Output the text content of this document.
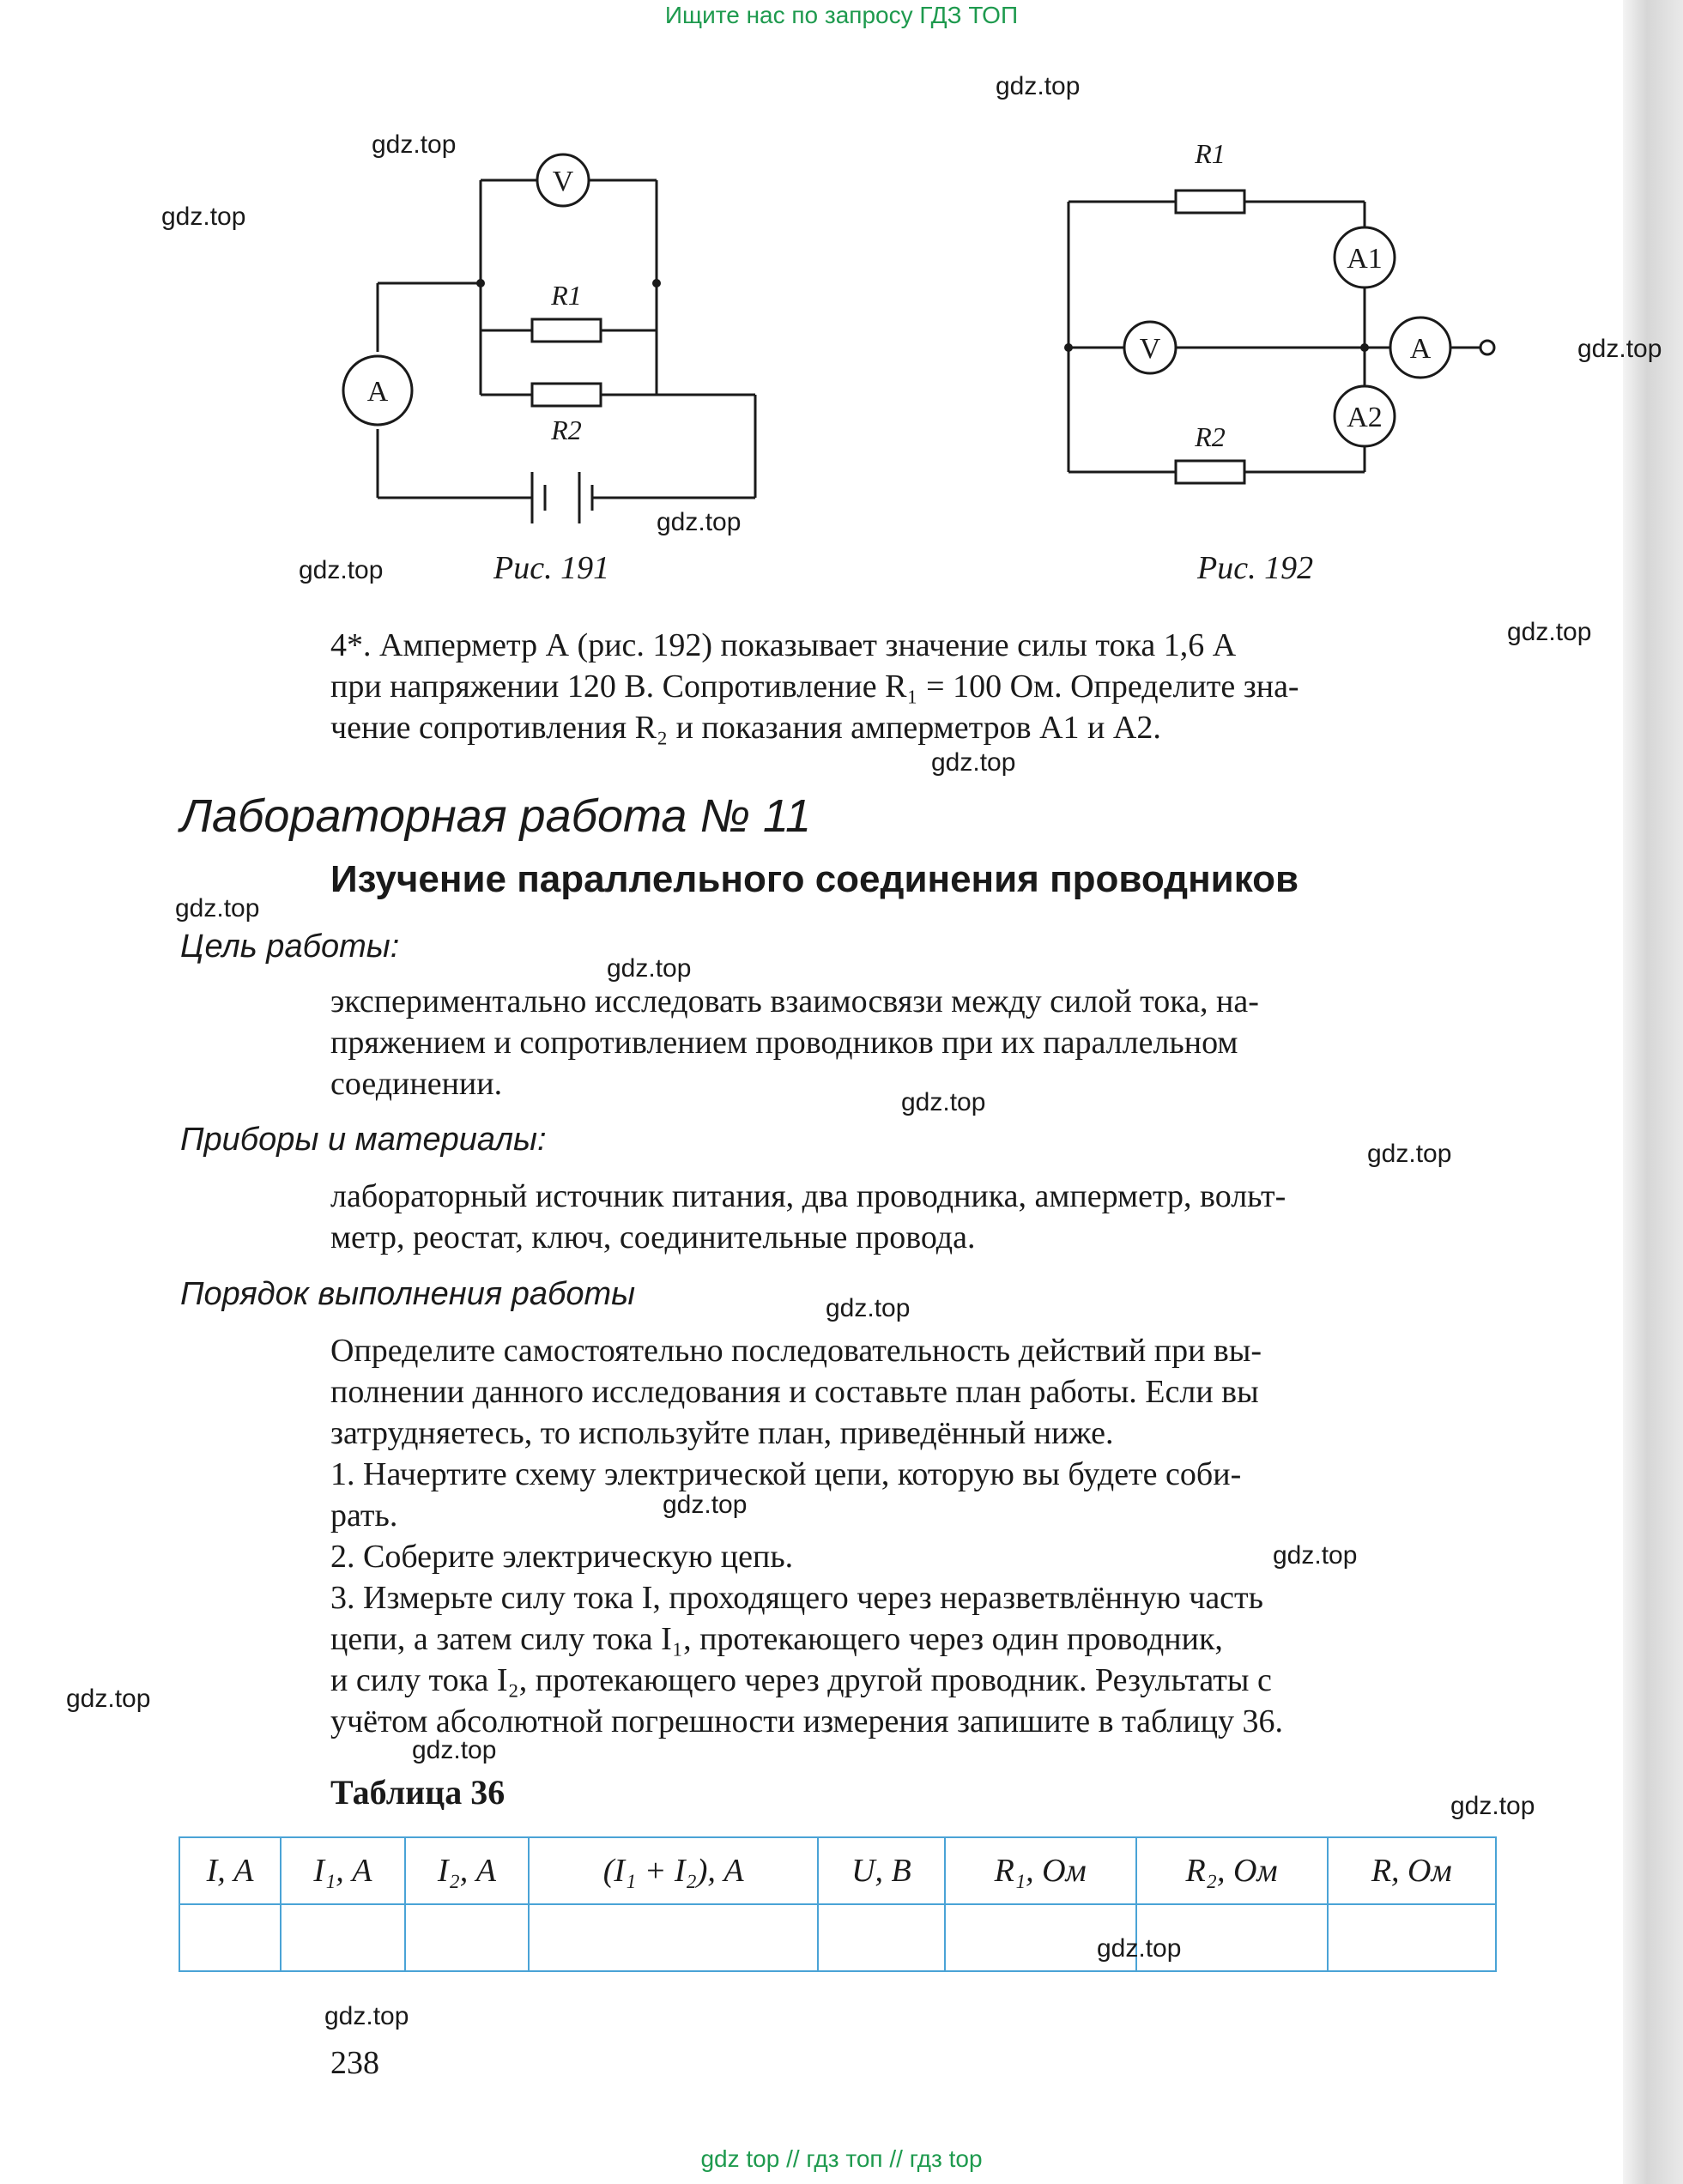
Ищите нас по запросу ГДЗ ТОП
V
A
R1
R2
Рис. 191
R1
R2
A1
A2
V	A
Рис. 192

4*. Амперметр А (рис. 192) показывает значение силы тока 1,6 А

при напряжении 120 В. Сопротивление R₁ = 100 Ом. Определите зна-

чение сопротивления R₂ и показания амперметров А1 и А2.

Лабораторная работа № 11
Изучение параллельного соединения проводников
Цель работы:

экспериментально исследовать взаимосвязи между силой тока, на-

пряжением и сопротивлением проводников при их параллельном

соединении.

Приборы и материалы:

лабораторный источник питания, два проводника, амперметр, вольт-

метр, реостат, ключ, соединительные провода.

Порядок выполнения работы

Определите самостоятельно последовательность действий при вы-

полнении данного исследования и составьте план работы. Если вы

затрудняетесь, то используйте план, приведённый ниже.

1. Начертите схему электрической цепи, которую вы будете соби-

рать.

2. Соберите электрическую цепь.

3. Измерьте силу тока I, проходящего через неразветвлённую часть

цепи, а затем силу тока I₁, протекающего через один проводник,

и силу тока I₂, протекающего через другой проводник. Результаты с

учётом абсолютной погрешности измерения запишите в таблицу 36.

Таблица 36
I, А	I₁, А	I₂, А	(I₁ + I₂), А	U, В	R₁, Ом	R₂, Ом	R, Ом

238
gdz.top
gdz.top
gdz.top
gdz.top
gdz.top
gdz.top
gdz.top
gdz.top
gdz.top
gdz.top
gdz.top
gdz.top
gdz.top
gdz.top
gdz.top
gdz.top
gdz.top
gdz.top
gdz.top
gdz.top
gdz top // гдз топ // гдз top
